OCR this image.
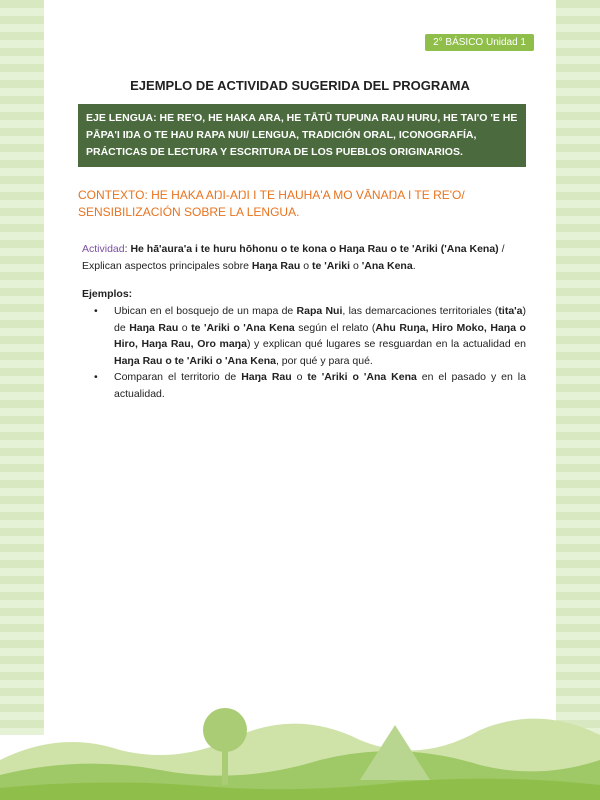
2° BÁSICO Unidad 1
EJEMPLO DE ACTIVIDAD SUGERIDA DEL PROGRAMA
EJE LENGUA: HE RE'O, HE HAKA ARA, HE TĀTŪ TUPUNA RAU HURU, HE TAI'O 'E HE PĀPA'I IŊA O TE HAU RAPA NUI/ LENGUA, TRADICIÓN ORAL, ICONOGRAFÍA, PRÁCTICAS DE LECTURA Y ESCRITURA DE LOS PUEBLOS ORIGINARIOS.
CONTEXTO: HE HAKA AŊI-AŊI I TE HAUHA'A MO VĀNAŊA I TE RE'O/ SENSIBILIZACIÓN SOBRE LA LENGUA.
Actividad: He hā'aura'a i te huru hōhonu o te kona o Haŋa Rau o te 'Ariki ('Ana Kena) / Explican aspectos principales sobre Haŋa Rau o te 'Ariki o 'Ana Kena.
Ejemplos:
• Ubican en el bosquejo de un mapa de Rapa Nui, las demarcaciones territoriales (tita'a) de Haŋa Rau o te 'Ariki o 'Ana Kena según el relato (Ahu Ruŋa, Hiro Moko, Haŋa o Hiro, Haŋa Rau, Oro maŋa) y explican qué lugares se resguardan en la actualidad en Haŋa Rau o te 'Ariki o 'Ana Kena, por qué y para qué.
• Comparan el territorio de Haŋa Rau o te 'Ariki o 'Ana Kena en el pasado y en la actualidad.
